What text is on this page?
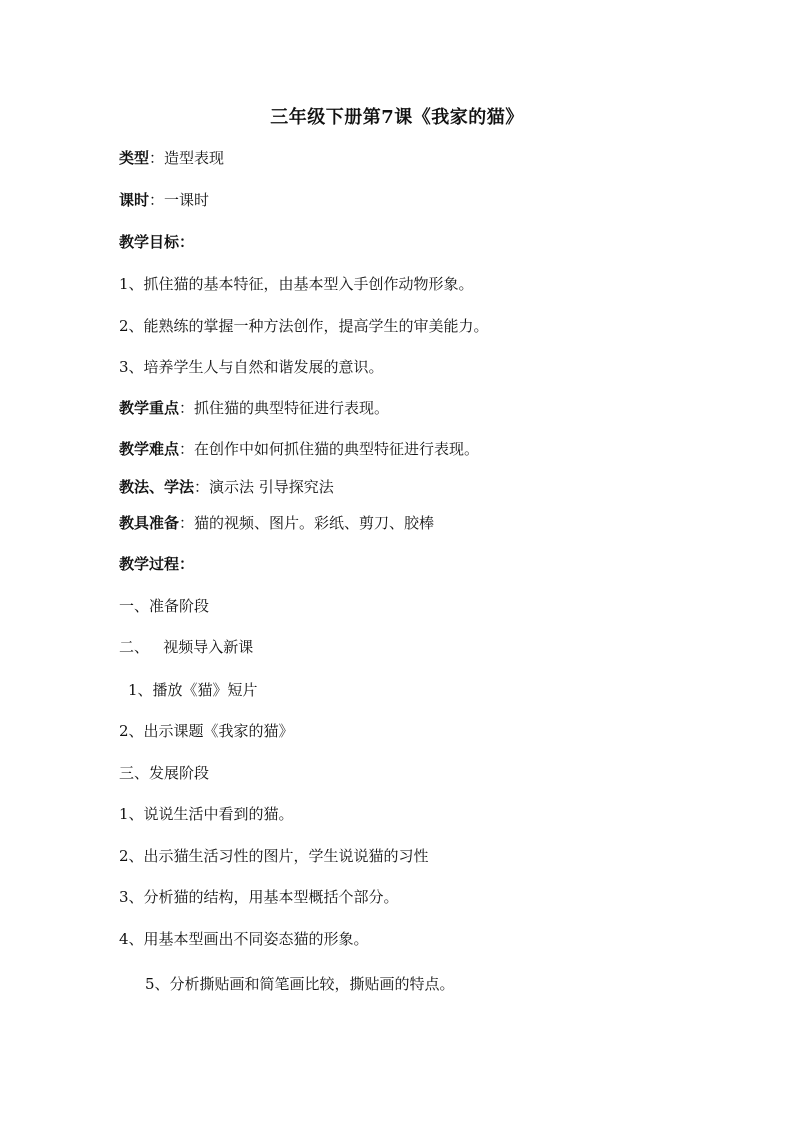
三年级下册第7课《我家的猫》
类型：造型表现
课时：一课时
教学目标：
1、抓住猫的基本特征，由基本型入手创作动物形象。
2、能熟练的掌握一种方法创作，提高学生的审美能力。
3、培养学生人与自然和谐发展的意识。
教学重点：抓住猫的典型特征进行表现。
教学难点：在创作中如何抓住猫的典型特征进行表现。
教法、学法：演示法 引导探究法
教具准备：猫的视频、图片。彩纸、剪刀、胶棒
教学过程：
一、准备阶段
二、   视频导入新课
1、播放《猫》短片
2、出示课题《我家的猫》
三、发展阶段
1、说说生活中看到的猫。
2、出示猫生活习性的图片，学生说说猫的习性
3、分析猫的结构，用基本型概括个部分。
4、用基本型画出不同姿态猫的形象。
5、分析撕贴画和简笔画比较，撕贴画的特点。
